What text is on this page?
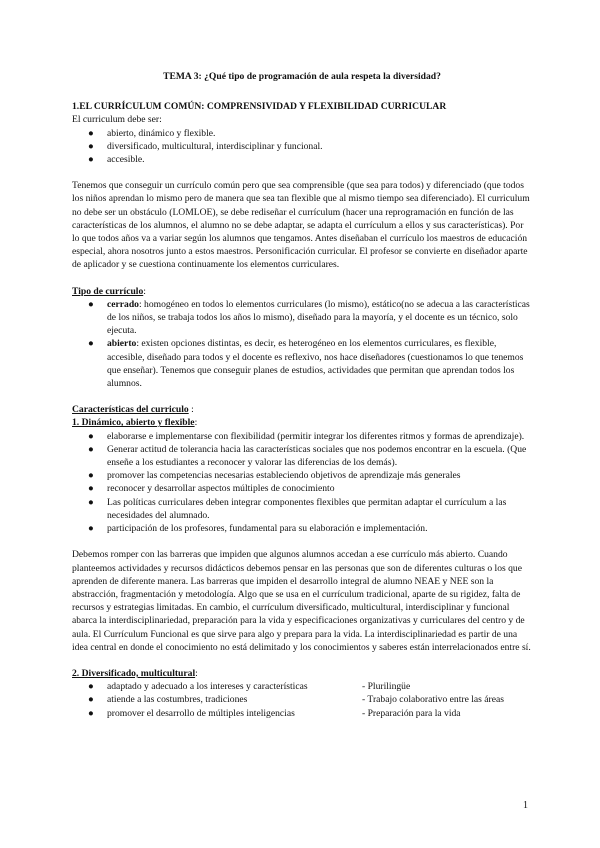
TEMA 3: ¿Qué tipo de programación de aula respeta la diversidad?
1.EL CURRÍCULUM COMÚN: COMPRENSIVIDAD Y FLEXIBILIDAD CURRICULAR
El curriculum debe ser:
● abierto, dinámico y flexible.
● diversificado, multicultural, interdisciplinar y funcional.
● accesible.

Tenemos que conseguir un currículo común pero que sea comprensible (que sea para todos) y diferenciado (que todos los niños aprendan lo mismo pero de manera que sea tan flexible que al mismo tiempo sea diferenciado). El curriculum no debe ser un obstáculo (LOMLOE), se debe rediseñar el currículum (hacer una reprogramación en función de las características de los alumnos, el alumno no se debe adaptar, se adapta el currículum a ellos y sus características). Por lo que todos años va a variar según los alumnos que tengamos. Antes diseñaban el currículo los maestros de educación especial, ahora nosotros junto a estos maestros. Personificación curricular. El profesor se convierte en diseñador aparte de aplicador y se cuestiona continuamente los elementos curriculares.

Tipo de currículo:
● cerrado: homogéneo en todos lo elementos curriculares (lo mismo), estático(no se adecua a las características de los niños, se trabaja todos los años lo mismo), diseñado para la mayoría, y el docente es un técnico, solo ejecuta.
● abierto: existen opciones distintas, es decir, es heterogéneo en los elementos curriculares, es flexible, accesible, diseñado para todos y el docente es reflexivo, nos hace diseñadores (cuestionamos lo que tenemos que enseñar). Tenemos que conseguir planes de estudios, actividades que permitan que aprendan todos los alumnos.
Características del curriculo :
1. Dinámico, abierto y flexible:
● elaborarse e implementarse con flexibilidad (permitir integrar los diferentes ritmos y formas de aprendizaje).
● Generar actitud de tolerancia hacia las características sociales que nos podemos encontrar en la escuela. (Que enseñe a los estudiantes a reconocer y valorar las diferencias de los demás).
● promover las competencias necesarias estableciendo objetivos de aprendizaje más generales
● reconocer y desarrollar aspectos múltiples de conocimiento
● Las políticas curriculares deben integrar componentes flexibles que permitan adaptar el currículum a las necesidades del alumnado.
● participación de los profesores, fundamental para su elaboración e implementación.

Debemos romper con las barreras que impiden que algunos alumnos accedan a ese currículo más abierto. Cuando planteemos actividades y recursos didácticos debemos pensar en las personas que son de diferentes culturas o los que aprenden de diferente manera. Las barreras que impiden el desarrollo integral de alumno NEAE y NEE son la abstracción, fragmentación y metodología. Algo que se usa en el currículum tradicional, aparte de su rigidez, falta de recursos y estrategias limitadas. En cambio, el currículum diversificado, multicultural, interdisciplinar y funcional abarca la interdisciplinariedad, preparación para la vida y especificaciones organizativas y curriculares del centro y de aula. El Currículum Funcional es que sirve para algo y prepara para la vida. La interdisciplinariedad es partir de una idea central en donde el conocimiento no está delimitado y los conocimientos y saberes están interrelacionados entre sí.

2. Diversificado, multicultural:
● adaptado y adecuado a los intereses y características	- Plurilingüe
● atiende a las costumbres, tradiciones	- Trabajo colaborativo entre las áreas
● promover el desarrollo de múltiples inteligencias	- Preparación para la vida
1
